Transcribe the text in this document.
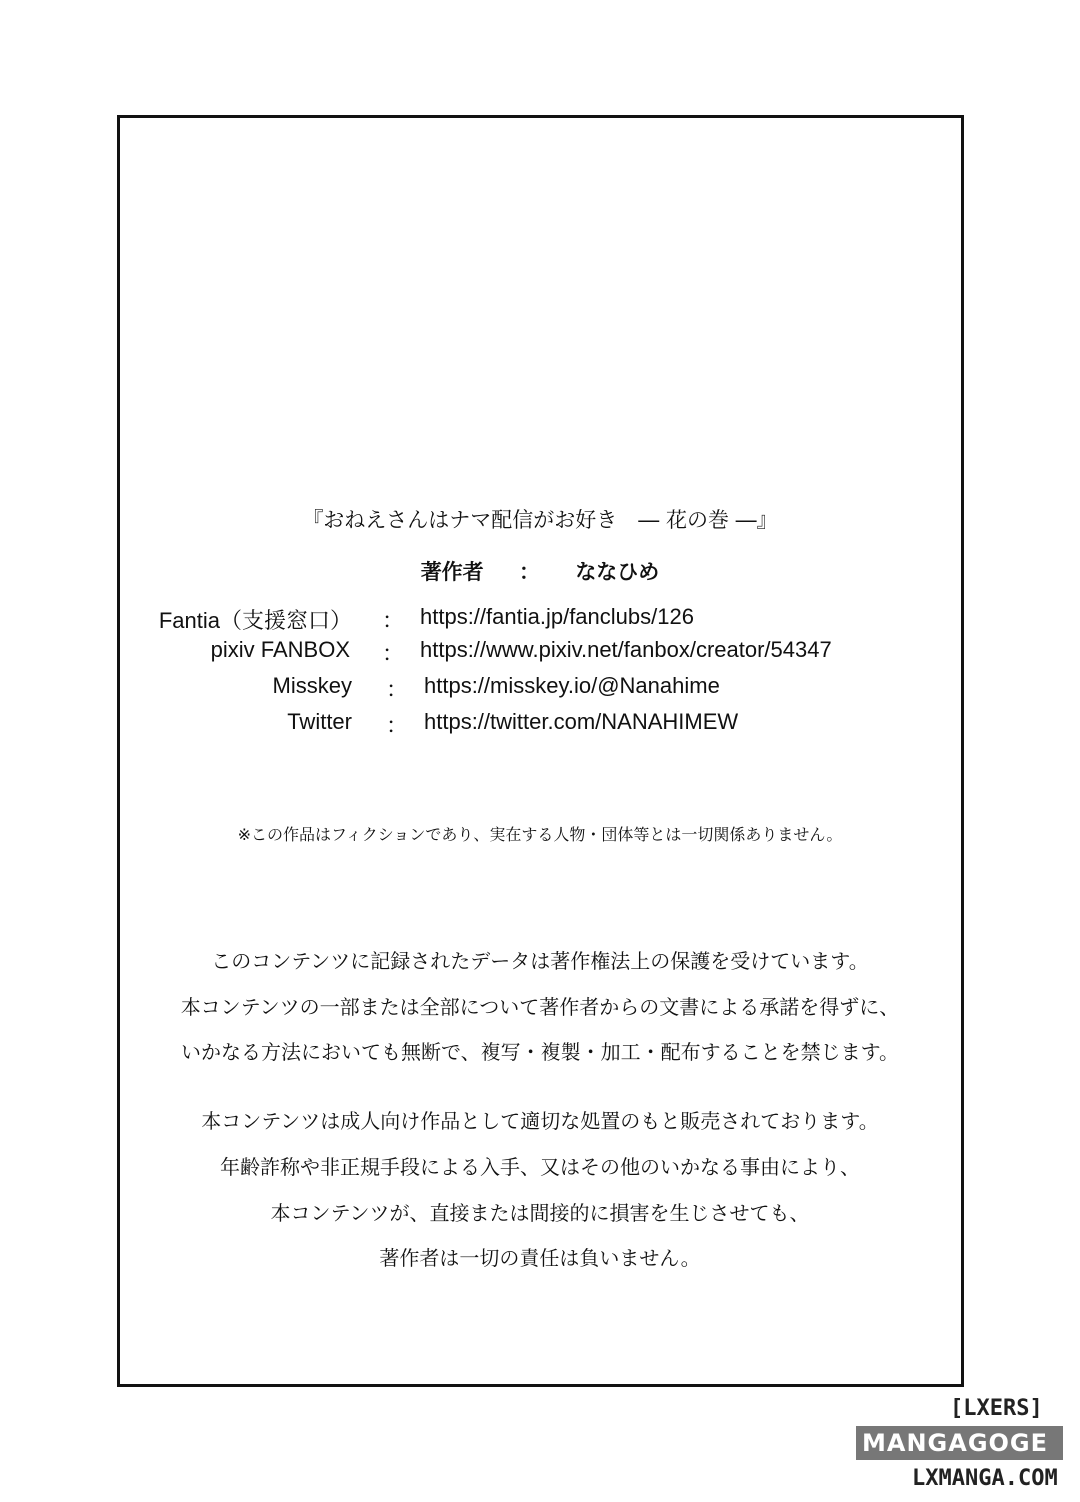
『おねえさんはナマ配信がお好き　― 花の巻 ―』
著作者 ： ななひめ
Fantia（支援窓口） ： https://fantia.jp/fanclubs/126
pixiv FANBOX ： https://www.pixiv.net/fanbox/creator/54347
Misskey ： https://misskey.io/@Nanahime
Twitter ： https://twitter.com/NANAHIMEW
※この作品はフィクションであり、実在する人物・団体等とは一切関係ありません。
このコンテンツに記録されたデータは著作権法上の保護を受けています。
本コンテンツの一部または全部について著作者からの文書による承諾を得ずに、
いかなる方法においても無断で、複写・複製・加工・配布することを禁じます。
本コンテンツは成人向け作品として適切な処置のもと販売されております。
年齢詐称や非正規手段による入手、又はその他のいかなる事由により、
本コンテンツが、直接または間接的に損害を生じさせても、
著作者は一切の責任は負いません。
[LXERS]
MANGAGOGE
LXMANGA.COM
